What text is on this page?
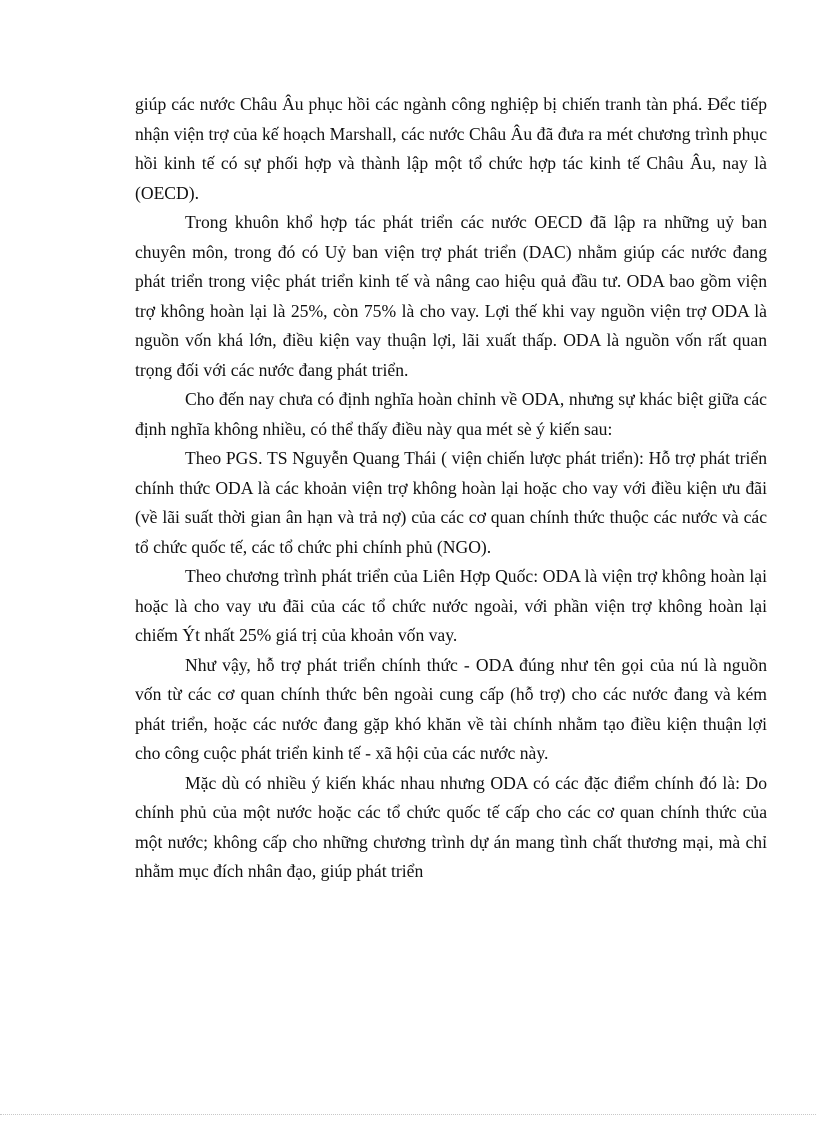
giúp các nước Châu Âu phục hồi các ngành công nghiệp bị chiến tranh tàn phá. Đểc tiếp nhận viện trợ của kế hoạch Marshall, các nước Châu Âu đã đưa ra mét chương trình phục hồi kinh tế có sự phối hợp và thành lập một tổ chức hợp tác kinh tế Châu Âu, nay là (OECD).

Trong khuôn khổ hợp tác phát triển các nước OECD đã lập ra những uỷ ban chuyên môn, trong đó có Uỷ ban viện trợ phát triển (DAC) nhằm giúp các nước đang phát triển trong việc phát triển kinh tế và nâng cao hiệu quả đầu tư. ODA bao gồm viện trợ không hoàn lại là 25%, còn 75% là cho vay. Lợi thế khi vay nguồn viện trợ ODA là nguồn vốn khá lớn, điều kiện vay thuận lợi, lãi xuất thấp. ODA là nguồn vốn rất quan trọng đối với các nước đang phát triển.

Cho đến nay chưa có định nghĩa hoàn chỉnh về ODA, nhưng sự khác biệt giữa các định nghĩa không nhiều, có thể thấy điều này qua mét sè ý kiến sau:

Theo PGS. TS Nguyễn Quang Thái ( viện chiến lược phát triển): Hỗ trợ phát triển chính thức ODA là các khoản viện trợ không hoàn lại hoặc cho vay với điều kiện ưu đãi (về lãi suất thời gian ân hạn và trả nợ) của các cơ quan chính thức thuộc các nước và các tổ chức quốc tế, các tổ chức phi chính phủ (NGO).

Theo chương trình phát triển của Liên Hợp Quốc: ODA là viện trợ không hoàn lại hoặc là cho vay ưu đãi của các tổ chức nước ngoài, với phần viện trợ không hoàn lại chiếm Ýt nhất 25% giá trị của khoản vốn vay.

Như vậy, hỗ trợ phát triển chính thức - ODA đúng như tên gọi của nú là nguồn vốn từ các cơ quan chính thức bên ngoài cung cấp (hỗ trợ) cho các nước đang và kém phát triển, hoặc các nước đang gặp khó khăn về tài chính nhằm tạo điều kiện thuận lợi cho công cuộc phát triển kinh tế - xã hội của các nước này.

Mặc dù có nhiều ý kiến khác nhau nhưng ODA có các đặc điểm chính đó là: Do chính phủ của một nước hoặc các tổ chức quốc tế cấp cho các cơ quan chính thức của một nước; không cấp cho những chương trình dự án mang tình chất thương mại, mà chỉ nhằm mục đích nhân đạo, giúp phát triển
